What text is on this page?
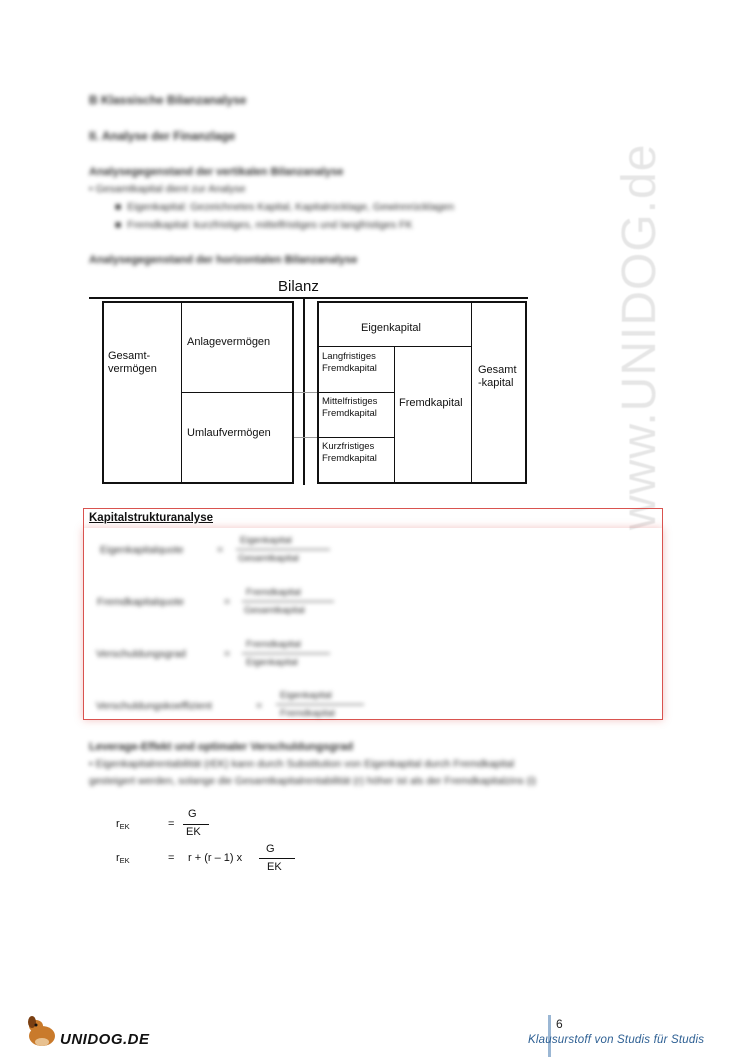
www.UNIDOG.de
B Klassische Bilanzanalyse
II. Analyse der Finanzlage
Analysegegenstand der vertikalen Bilanzanalyse
• Gesamtkapital dient zur Analyse
■  Eigenkapital: Gezeichnetes Kapital, Kapitalrücklage, Gewinnrücklagen
■  Fremdkapital: kurzfristiges, mittelfristiges und langfristiges FK
Analysegegenstand der horizontalen Bilanzanalyse
Bilanz
Gesamt-
vermögen
Anlagevermögen
Umlaufvermögen
Eigenkapital
Langfristiges
Fremdkapital
Mittelfristiges
Fremdkapital
Kurzfristiges
Fremdkapital
Fremdkapital
Gesamt
-kapital
Kapitalstrukturanalyse
Eigenkapitalquote	=
Eigenkapital
Gesamtkapital
Fremdkapitalquote	=
Fremdkapital
Gesamtkapital
Verschuldungsgrad	=
Fremdkapital
Eigenkapital
Verschuldungskoeffizient	=
Eigenkapital
Fremdkapital
Leverage-Effekt und optimaler Verschuldungsgrad
• Eigenkapitalrentabilität (rEK) kann durch Substitution von Eigenkapital durch Fremdkapital
gesteigert werden, solange die Gesamtkapitalrentabilität (r) höher ist als der Fremdkapitalzins (i)
$r_{EK}$	=
G
EK
$r_{EK}$	= r + (r – 1) x
G
EK
UNIDOG.DE
6
Klausurstoff von Studis für Studis
